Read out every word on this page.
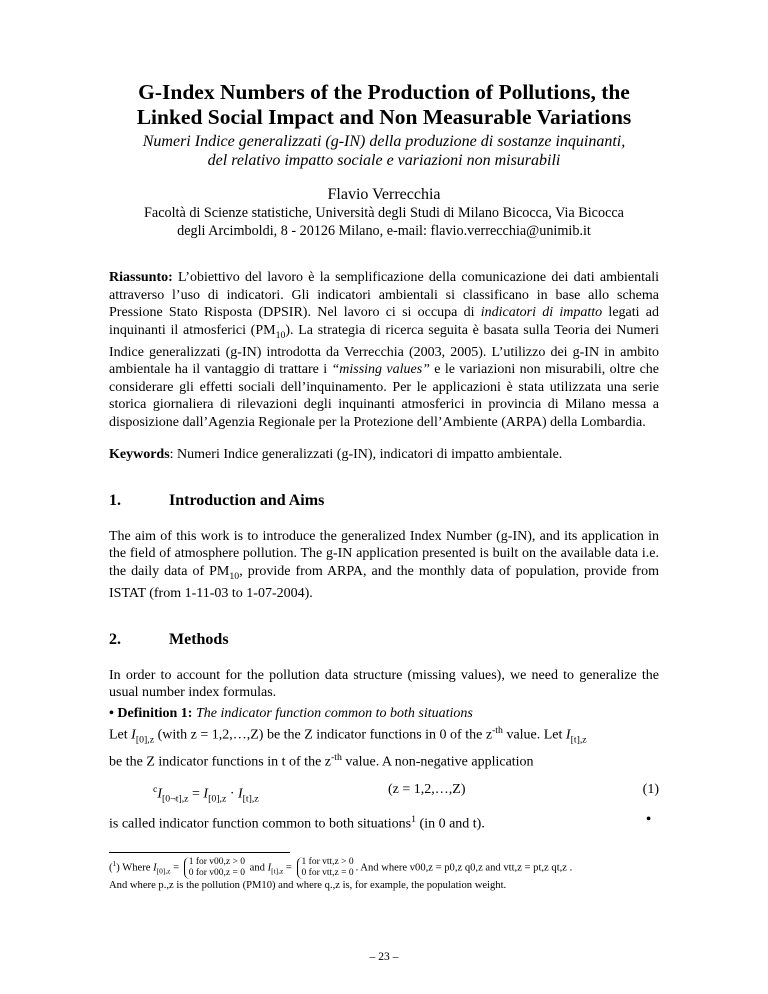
G-Index Numbers of the Production of Pollutions, the
Linked Social Impact and Non Measurable Variations
Numeri Indice generalizzati (g-IN) della produzione di sostanze inquinanti,
del relativo impatto sociale e variazioni non misurabili
Flavio Verrecchia
Facoltà di Scienze statistiche, Università degli Studi di Milano Bicocca, Via Bicocca
degli Arcimboldi, 8 - 20126 Milano, e-mail: flavio.verrecchia@unimib.it

Riassunto: L’obiettivo del lavoro è la semplificazione della comunicazione dei dati ambientali attraverso l’uso di indicatori. Gli indicatori ambientali si classificano in base allo schema Pressione Stato Risposta (DPSIR). Nel lavoro ci si occupa di indicatori di impatto legati ad inquinanti il atmosferici $(PM_{10})$. La strategia di ricerca seguita è basata sulla Teoria dei Numeri Indice generalizzati (g-IN) introdotta da Verrecchia (2003, 2005). L’utilizzo dei g-IN in ambito ambientale ha il vantaggio di trattare i “missing values” e le variazioni non misurabili, oltre che considerare gli effetti sociali dell’inquinamento. Per le applicazioni è stata utilizzata una serie storica giornaliera di rilevazioni degli inquinanti atmosferici in provincia di Milano messa a disposizione dall’Agenzia Regionale per la Protezione dell’Ambiente (ARPA) della Lombardia.

Keywords: Numeri Indice generalizzati (g-IN), indicatori di impatto ambientale.

1.	Introduction and Aims

The aim of this work is to introduce the generalized Index Number (g-IN), and its application in the field of atmosphere pollution. The g-IN application presented is built on the available data i.e. the daily data of $PM_{10}$, provide from ARPA, and the monthly data of population, provide from ISTAT (from 1-11-03 to 1-07-2004).

2.	Methods

In order to account for the pollution data structure (missing values), we need to generalize the usual number index formulas.

• Definition 1: The indicator function common to both situations
Let $I_{[0],z}$ (with z = 1,2,…,Z) be the Z indicator functions in 0 of the $z^{-th}$ value. Let $I_{[t],z}$
be the Z indicator functions in t of the $z^{-th}$ value. A non-negative application

$^cI_{[0\neg t],z} = I_{[0],z} \cdot I_{[t],z}$
(z = 1,2,…,Z)	(1)
is called indicator function common to both situations$^1$ (in 0 and t).	•
($^1$) Where $I_{[0],z}$ =
1 for v00,z > 0
0 for v00,z = 0 and $I_{[t],z}$ =
1 for vtt,z > 0
0 for vtt,z = 0 . And where v00,z = p0,z q0,z and vtt,z = pt,z qt,z .
And where p.,z is the pollution (PM10) and where q.,z is, for example, the population weight.
– 23 –
